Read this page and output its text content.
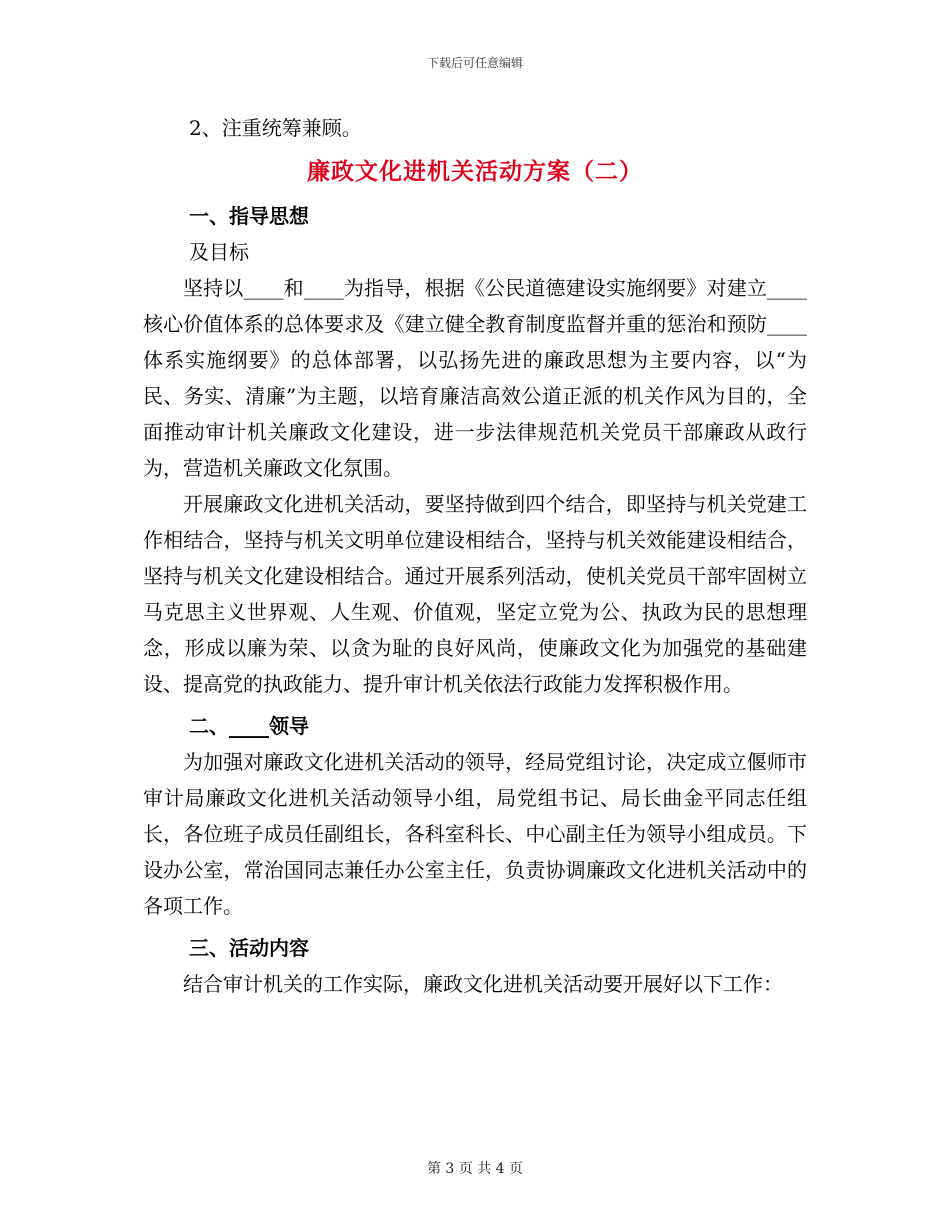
下载后可任意编辑
2、注重统筹兼顾。
廉政文化进机关活动方案（二）
一、指导思想
及目标

坚持以____和____为指导，根据《公民道德建设实施纲要》对建立____核心价值体系的总体要求及《建立健全教育制度监督并重的惩治和预防____体系实施纲要》的总体部署，以弘扬先进的廉政思想为主要内容，以“为民、务实、清廉”为主题，以培育廉洁高效公道正派的机关作风为目的，全面推动审计机关廉政文化建设，进一步法律规范机关党员干部廉政从政行为，营造机关廉政文化氛围。

开展廉政文化进机关活动，要坚持做到四个结合，即坚持与机关党建工作相结合，坚持与机关文明单位建设相结合，坚持与机关效能建设相结合，坚持与机关文化建设相结合。通过开展系列活动，使机关党员干部牢固树立马克思主义世界观、人生观、价值观，坚定立党为公、执政为民的思想理念，形成以廉为荣、以贪为耻的良好风尚，使廉政文化为加强党的基础建设、提高党的执政能力、提升审计机关依法行政能力发挥积极作用。

二、____领导

为加强对廉政文化进机关活动的领导，经局党组讨论，决定成立偃师市审计局廉政文化进机关活动领导小组，局党组书记、局长曲金平同志任组长，各位班子成员任副组长，各科室科长、中心副主任为领导小组成员。下设办公室，常治国同志兼任办公室主任，负责协调廉政文化进机关活动中的各项工作。

三、活动内容

结合审计机关的工作实际，廉政文化进机关活动要开展好以下工作：

第 3 页 共 4 页
